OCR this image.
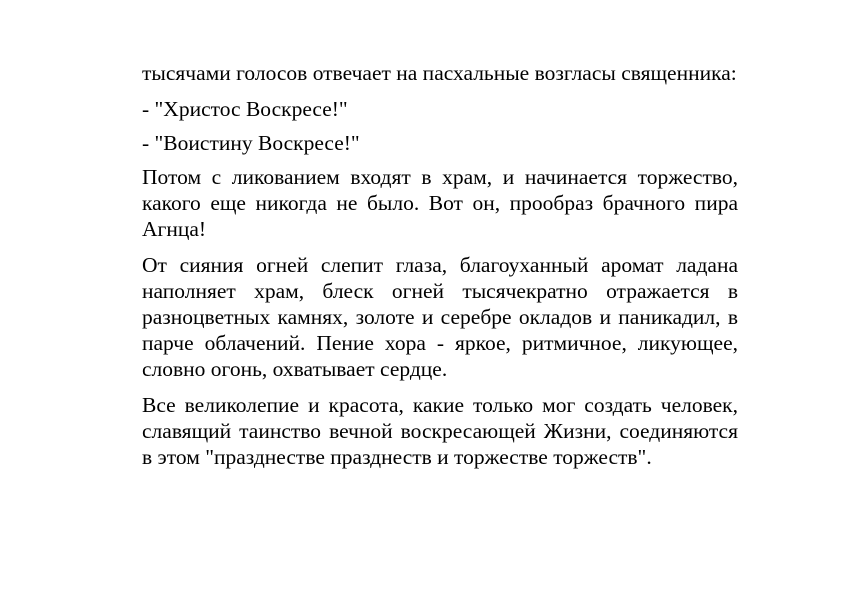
тысячами голосов отвечает на пасхальные возгласы священника:

- "Христос Воскресе!"

- "Воистину Воскресе!"

Потом с ликованием входят в храм, и начинается торжество, какого еще никогда не было. Вот он, прообраз брачного пира Агнца!

От сияния огней слепит глаза, благоуханный аромат ладана наполняет храм, блеск огней тысячекратно отражается в разноцветных камнях, золоте и серебре окладов и паникадил, в парче облачений. Пение хора - яркое, ритмичное, ликующее, словно огонь, охватывает сердце.

Все великолепие и красота, какие только мог создать человек, славящий таинство вечной воскресающей Жизни, соединяются в этом "празднестве празднеств и торжестве торжеств".
